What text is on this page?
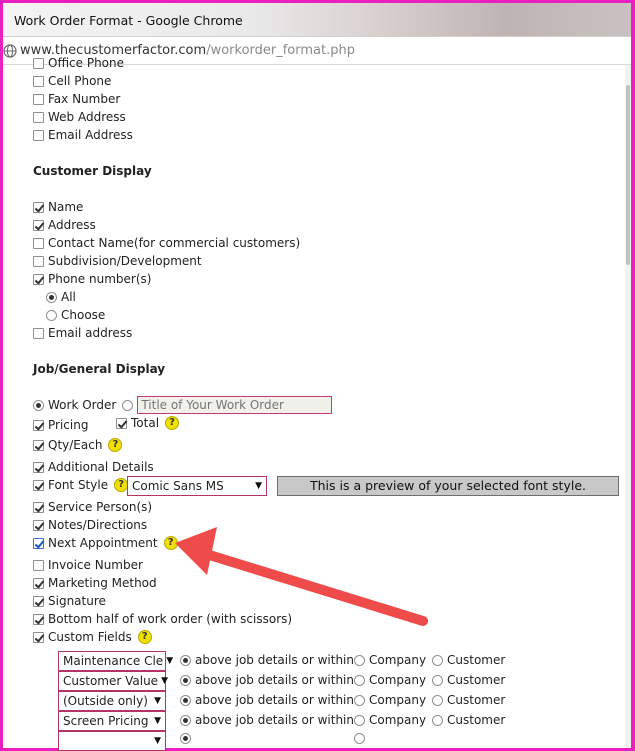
Work Order Format - Google Chrome
www.thecustomerfactor.com/workorder_format.php
Office Phone
Cell Phone
Fax Number
Web Address
Email Address
Customer Display
Name
Address
Contact Name(for commercial customers)
Subdivision/Development
Phone number(s)
All
Choose
Email address
Job/General Display
Work Order
Title of Your Work Order
Pricing	Total	?
Qty/Each	?
Additional Details
Font Style	? Comic Sans MS	▼	This is a preview of your selected font style.
Service Person(s)
Notes/Directions
Next Appointment	?
Invoice Number
Marketing Method
Signature
Bottom half of work order (with scissors)
Custom Fields	?
Maintenance Cle ▼ above job details or within Company Customer
Customer Value ▼ above job details or within Company Customer
(Outside only) ▼	above job details or within Company Customer
Screen Pricing ▼	above job details or within Company Customer
▼
